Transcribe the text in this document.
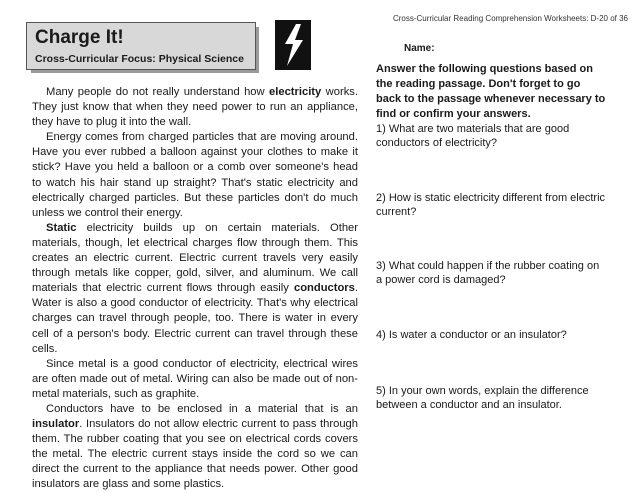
Cross-Curricular Reading Comprehension Worksheets: D-20 of 36
Charge It!
Cross-Curricular Focus: Physical Science
Name:

Many people do not really understand how electricity works. They just know that when they need power to run an appliance, they have to plug it into the wall.

Energy comes from charged particles that are moving around. Have you ever rubbed a balloon against your clothes to make it stick? Have you held a balloon or a comb over someone's head to watch his hair stand up straight? That's static electricity and electrically charged particles. But these particles don't do much unless we control their energy.

Static electricity builds up on certain materials. Other materials, though, let electrical charges flow through them. This creates an electric current. Electric current travels very easily through metals like copper, gold, silver, and aluminum. We call materials that electric current flows through easily conductors. Water is also a good conductor of electricity. That's why electrical charges can travel through people, too. There is water in every cell of a person's body. Electric current can travel through these cells.

Since metal is a good conductor of electricity, electrical wires are often made out of metal. Wiring can also be made out of non-metal materials, such as graphite.

Conductors have to be enclosed in a material that is an insulator. Insulators do not allow electric current to pass through them. The rubber coating that you see on electrical cords covers the metal. The electric current stays inside the cord so we can direct the current to the appliance that needs power. Other good insulators are glass and some plastics.

Answer the following questions based on the reading passage. Don't forget to go back to the passage whenever necessary to find or confirm your answers.
1) What are two materials that are good conductors of electricity?
2) How is static electricity different from electric current?
3) What could happen if the rubber coating on a power cord is damaged?
4) Is water a conductor or an insulator?
5) In your own words, explain the difference between a conductor and an insulator.
